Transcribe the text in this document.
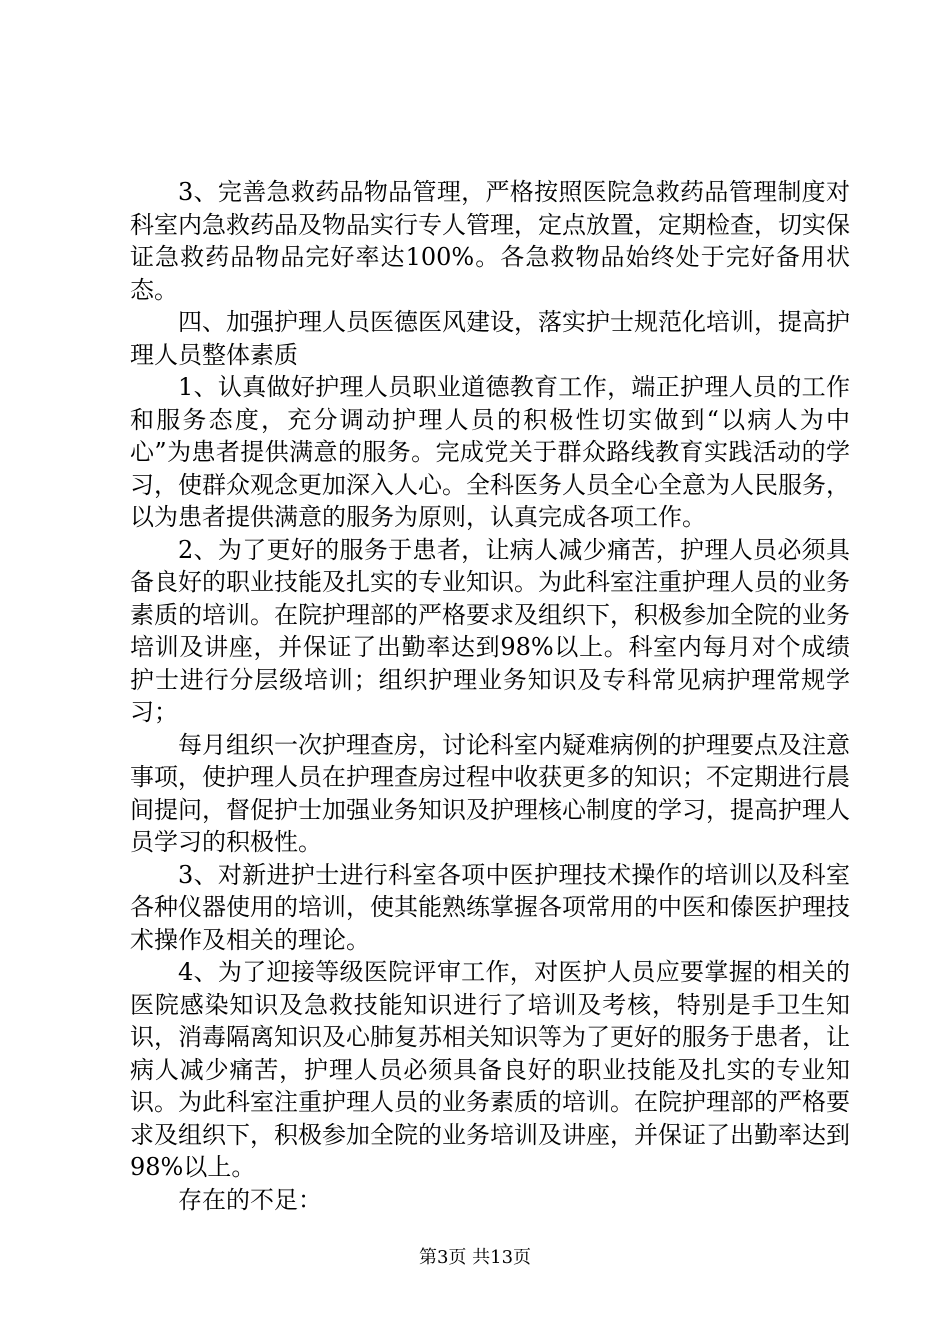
3、完善急救药品物品管理，严格按照医院急救药品管理制度对科室内急救药品及物品实行专人管理，定点放置，定期检查，切实保证急救药品物品完好率达100%。各急救物品始终处于完好备用状态。

四、加强护理人员医德医风建设，落实护士规范化培训，提高护理人员整体素质

1、认真做好护理人员职业道德教育工作，端正护理人员的工作和服务态度，充分调动护理人员的积极性切实做到“以病人为中心”为患者提供满意的服务。完成党关于群众路线教育实践活动的学习，使群众观念更加深入人心。全科医务人员全心全意为人民服务，以为患者提供满意的服务为原则，认真完成各项工作。

2、为了更好的服务于患者，让病人减少痛苦，护理人员必须具备良好的职业技能及扎实的专业知识。为此科室注重护理人员的业务素质的培训。在院护理部的严格要求及组织下，积极参加全院的业务培训及讲座，并保证了出勤率达到98%以上。科室内每月对个成绩护士进行分层级培训；组织护理业务知识及专科常见病护理常规学习；

每月组织一次护理查房，讨论科室内疑难病例的护理要点及注意事项，使护理人员在护理查房过程中收获更多的知识；不定期进行晨间提问，督促护士加强业务知识及护理核心制度的学习，提高护理人员学习的积极性。

3、对新进护士进行科室各项中医护理技术操作的培训以及科室各种仪器使用的培训，使其能熟练掌握各项常用的中医和傣医护理技术操作及相关的理论。

4、为了迎接等级医院评审工作，对医护人员应要掌握的相关的医院感染知识及急救技能知识进行了培训及考核，特别是手卫生知识，消毒隔离知识及心肺复苏相关知识等为了更好的服务于患者，让病人减少痛苦，护理人员必须具备良好的职业技能及扎实的专业知识。为此科室注重护理人员的业务素质的培训。在院护理部的严格要求及组织下，积极参加全院的业务培训及讲座，并保证了出勤率达到98%以上。

存在的不足：

第3页 共13页
